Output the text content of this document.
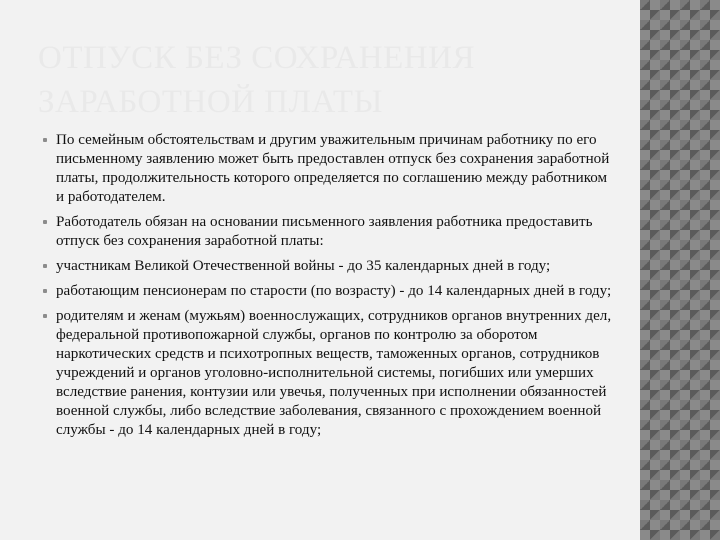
ОТПУСК БЕЗ СОХРАНЕНИЯ ЗАРАБОТНОЙ ПЛАТЫ
По семейным обстоятельствам и другим уважительным причинам работнику по его письменному заявлению может быть предоставлен отпуск без сохранения заработной платы, продолжительность которого определяется по соглашению между работником и работодателем.
Работодатель обязан на основании письменного заявления работника предоставить отпуск без сохранения заработной платы:
участникам Великой Отечественной войны - до 35 календарных дней в году;
работающим пенсионерам по старости (по возрасту) - до 14 календарных дней в году;
родителям и женам (мужьям) военнослужащих, сотрудников органов внутренних дел, федеральной противопожарной службы, органов по контролю за оборотом наркотических средств и психотропных веществ, таможенных органов, сотрудников учреждений и органов уголовно-исполнительной системы, погибших или умерших вследствие ранения, контузии или увечья, полученных при исполнении обязанностей военной службы, либо вследствие заболевания, связанного с прохождением военной службы - до 14 календарных дней в году;
